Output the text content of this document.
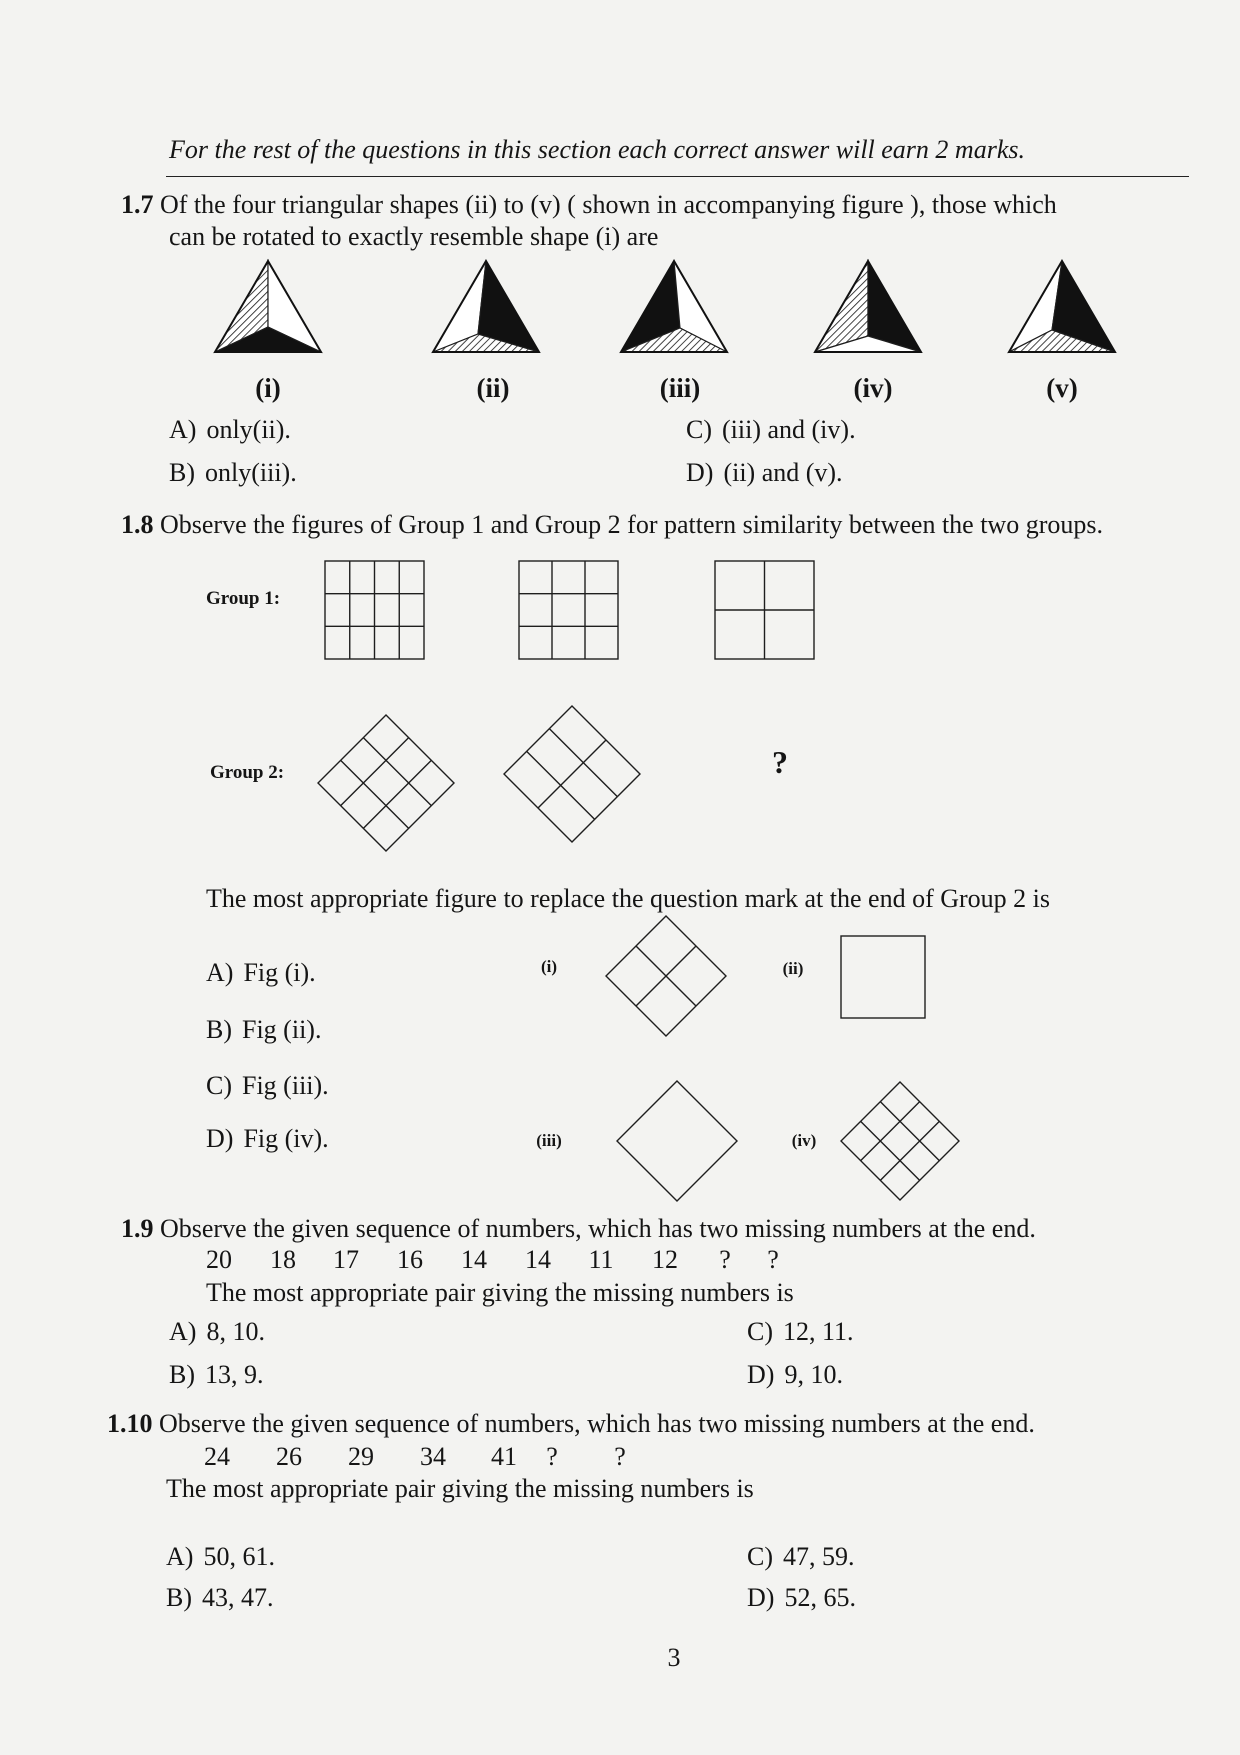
For the rest of the questions in this section each correct answer will earn 2 marks.
1.7 Of the four triangular shapes (ii) to (v) ( shown in accompanying figure ), those which
can be rotated to exactly resemble shape (i) are
(i)	(ii)	(iii)	(iv)	(v)
A) only(ii).	C) (iii) and (iv).
B) only(iii).	D) (ii) and (v).
1.8 Observe the figures of Group 1 and Group 2 for pattern similarity between the two groups.
Group 1:
Group 2:	?
The most appropriate figure to replace the question mark at the end of Group 2 is
A) Fig (i).
B) Fig (ii).
C) Fig (iii).
D) Fig (iv).
(i)	(ii)
(iii)	(iv)
1.9 Observe the given sequence of numbers, which has two missing numbers at the end.
20	18	17	16	14	14	11	12	?	?
The most appropriate pair giving the missing numbers is
A) 8, 10.	C) 12, 11.
B) 13, 9.	D) 9, 10.
1.10 Observe the given sequence of numbers, which has two missing numbers at the end.
24	26	29	34	41	?	?
The most appropriate pair giving the missing numbers is
A) 50, 61.	C) 47, 59.
B) 43, 47.	D) 52, 65.
3
